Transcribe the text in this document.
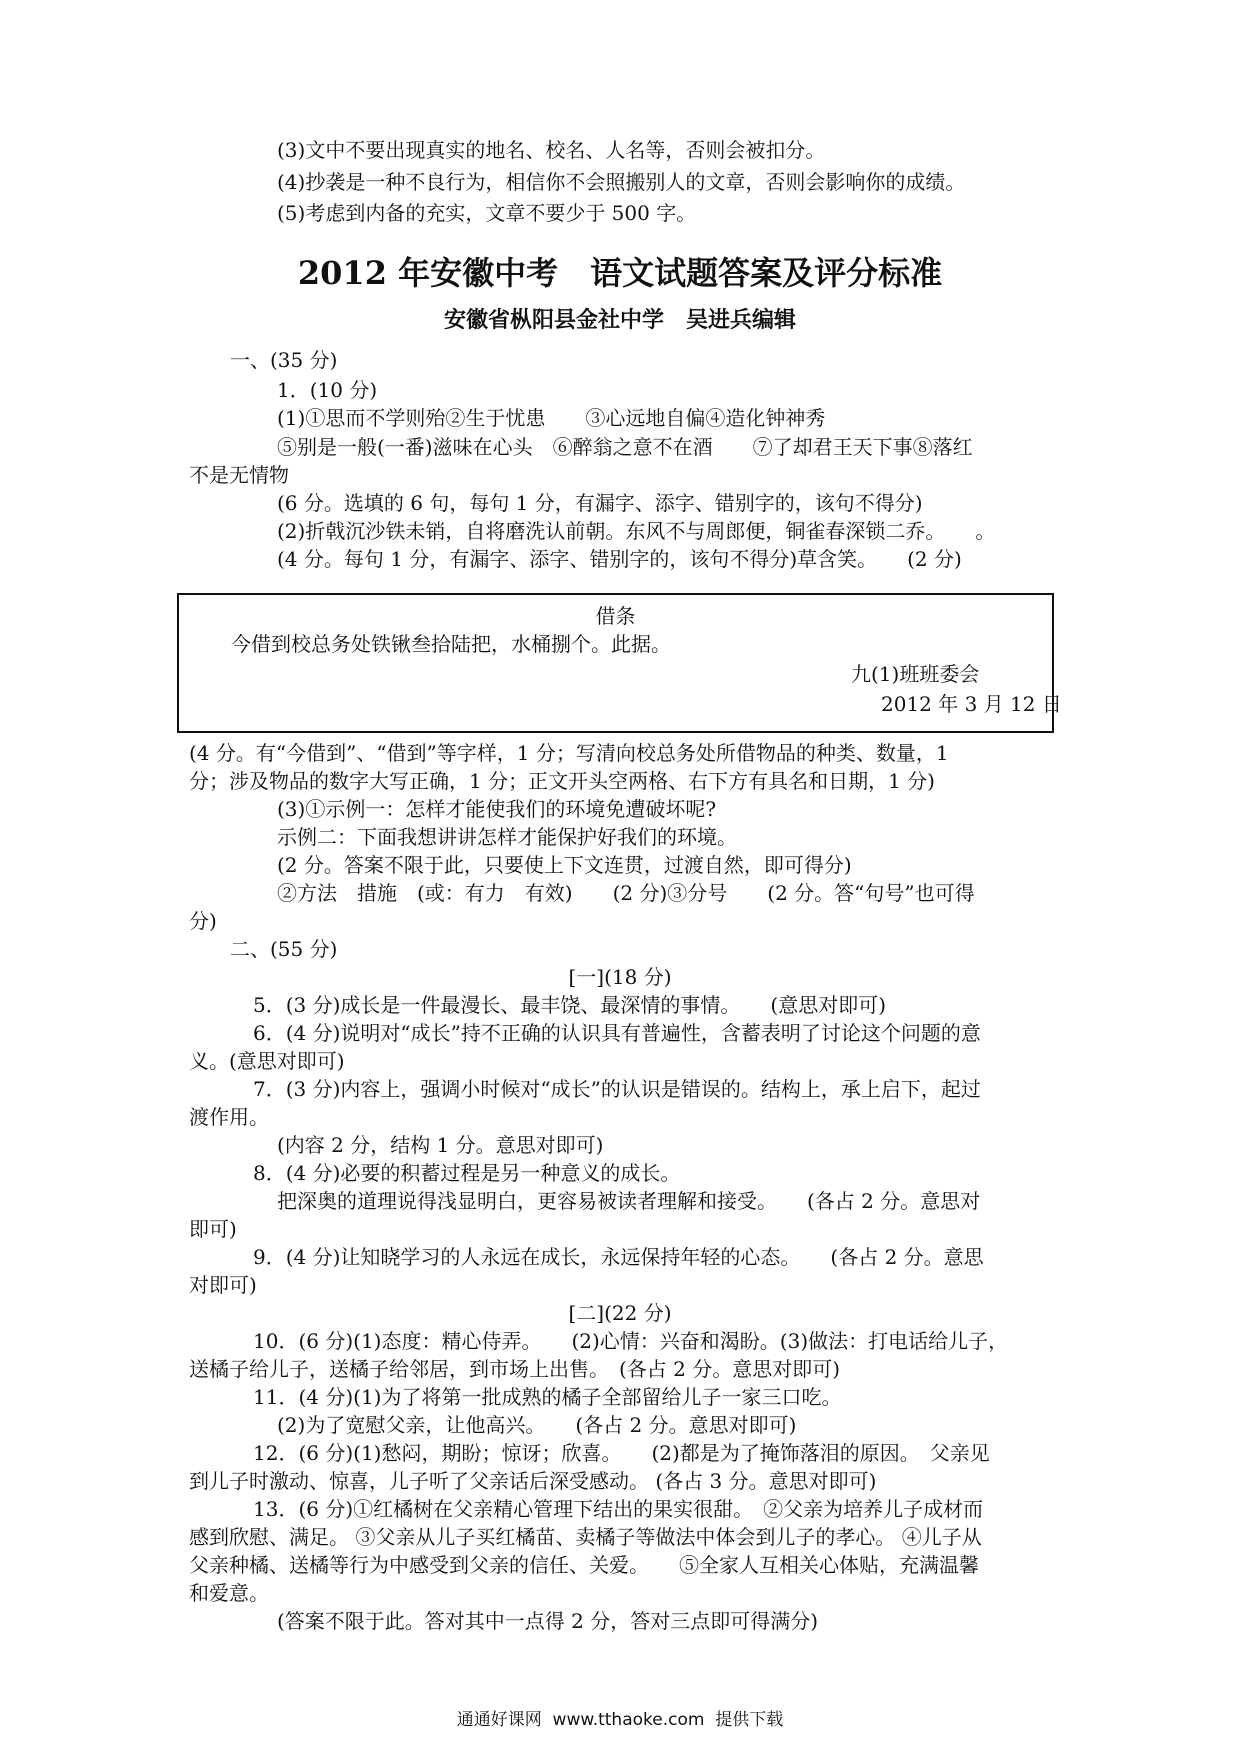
(3)文中不要出现真实的地名、校名、人名等，否则会被扣分。
(4)抄袭是一种不良行为，相信你不会照搬别人的文章，否则会影响你的成绩。
(5)考虑到内备的充实，文章不要少于 500 字。
2012 年安徽中考　语文试题答案及评分标准
安徽省枞阳县金社中学　吴进兵编辑
一、(35 分)
1．(10 分)
(1)①思而不学则殆②生于忧患　　③心远地自偏④造化钟神秀
⑤别是一般(一番)滋味在心头　⑥醉翁之意不在酒　　⑦了却君王天下事⑧落红
不是无情物
(6 分。选填的 6 句，每句 1 分，有漏字、添字、错别字的，该句不得分)
(2)折戟沉沙铁未销，自将磨洗认前朝。东风不与周郎便，铜雀春深锁二乔。　　。
(4 分。每句 1 分，有漏字、添字、错别字的，该句不得分)草含笑。　　(2 分)
借条
今借到校总务处铁锹叁拾陆把，水桶捌个。此据。
九(1)班班委会
2012 年 3 月 12 日
(4 分。有“今借到”、“借到”等字样，1 分；写清向校总务处所借物品的种类、数量，1
分；涉及物品的数字大写正确，1 分；正文开头空两格、右下方有具名和日期，1 分)
(3)①示例一：怎样才能使我们的环境免遭破坏呢?
示例二：下面我想讲讲怎样才能保护好我们的环境。
(2 分。答案不限于此，只要使上下文连贯，过渡自然，即可得分)
②方法　措施　(或：有力　有效)　　(2 分)③分号　　(2 分。答“句号”也可得
分)
二、(55 分)
[一](18 分)
5．(3 分)成长是一件最漫长、最丰饶、最深情的事情。　　(意思对即可)
6．(4 分)说明对“成长”持不正确的认识具有普遍性，含蓄表明了讨论这个问题的意
义。(意思对即可)
7．(3 分)内容上，强调小时候对“成长”的认识是错误的。结构上，承上启下，起过
渡作用。
(内容 2 分，结构 1 分。意思对即可)
8．(4 分)必要的积蓄过程是另一种意义的成长。
把深奥的道理说得浅显明白，更容易被读者理解和接受。　　(各占 2 分。意思对
即可)
9．(4 分)让知晓学习的人永远在成长，永远保持年轻的心态。　　(各占 2 分。意思
对即可)
[二](22 分)
10．(6 分)(1)态度：精心侍弄。　　(2)心情：兴奋和渴盼。(3)做法：打电话给儿子，
送橘子给儿子，送橘子给邻居，到市场上出售。　(各占 2 分。意思对即可)
11．(4 分)(1)为了将第一批成熟的橘子全部留给儿子一家三口吃。
(2)为了宽慰父亲，让他高兴。　　(各占 2 分。意思对即可)
12．(6 分)(1)愁闷，期盼；惊讶；欣喜。　　(2)都是为了掩饰落泪的原因。　父亲见
到儿子时激动、惊喜，儿子听了父亲话后深受感动。 (各占 3 分。意思对即可)
13．(6 分)①红橘树在父亲精心管理下结出的果实很甜。　②父亲为培养儿子成材而
感到欣慰、满足。 ③父亲从儿子买红橘苗、卖橘子等做法中体会到儿子的孝心。 ④儿子从
父亲种橘、送橘等行为中感受到父亲的信任、关爱。　　⑤全家人互相关心体贴，充满温馨
和爱意。
(答案不限于此。答对其中一点得 2 分，答对三点即可得满分)
通通好课网  www.tthaoke.com  提供下载
